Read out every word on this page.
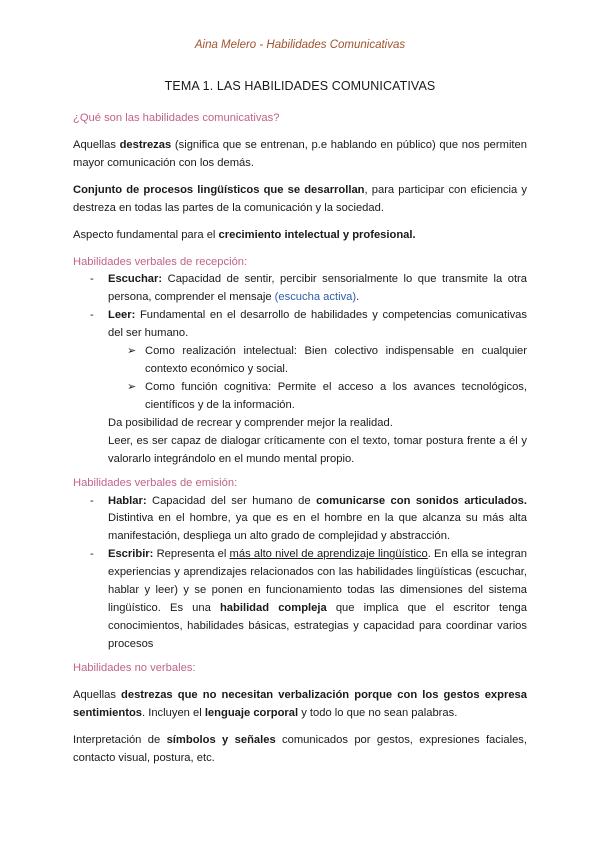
Aina Melero - Habilidades Comunicativas
TEMA 1. LAS HABILIDADES COMUNICATIVAS

¿Qué son las habilidades comunicativas?

Aquellas destrezas (significa que se entrenan, p.e hablando en público) que nos permiten mayor comunicación con los demás.

Conjunto de procesos lingüísticos que se desarrollan, para participar con eficiencia y destreza en todas las partes de la comunicación y la sociedad.

Aspecto fundamental para el crecimiento intelectual y profesional.

Habilidades verbales de recepción:

- Escuchar: Capacidad de sentir, percibir sensorialmente lo que transmite la otra persona, comprender el mensaje (escucha activa).
- Leer: Fundamental en el desarrollo de habilidades y competencias comunicativas del ser humano.
➢ Como realización intelectual: Bien colectivo indispensable en cualquier contexto económico y social.
➢ Como función cognitiva: Permite el acceso a los avances tecnológicos, científicos y de la información.
Da posibilidad de recrear y comprender mejor la realidad.
Leer, es ser capaz de dialogar críticamente con el texto, tomar postura frente a él y valorarlo integrándolo en el mundo mental propio.

Habilidades verbales de emisión:

- Hablar: Capacidad del ser humano de comunicarse con sonidos articulados. Distintiva en el hombre, ya que es en el hombre en la que alcanza su más alta manifestación, despliega un alto grado de complejidad y abstracción.
- Escribir: Representa el más alto nivel de aprendizaje lingüístico. En ella se integran experiencias y aprendizajes relacionados con las habilidades lingüísticas (escuchar, hablar y leer) y se ponen en funcionamiento todas las dimensiones del sistema lingüístico. Es una habilidad compleja que implica que el escritor tenga conocimientos, habilidades básicas, estrategias y capacidad para coordinar varios procesos

Habilidades no verbales:

Aquellas destrezas que no necesitan verbalización porque con los gestos expresa sentimientos. Incluyen el lenguaje corporal y todo lo que no sean palabras.

Interpretación de símbolos y señales comunicados por gestos, expresiones faciales, contacto visual, postura, etc.
